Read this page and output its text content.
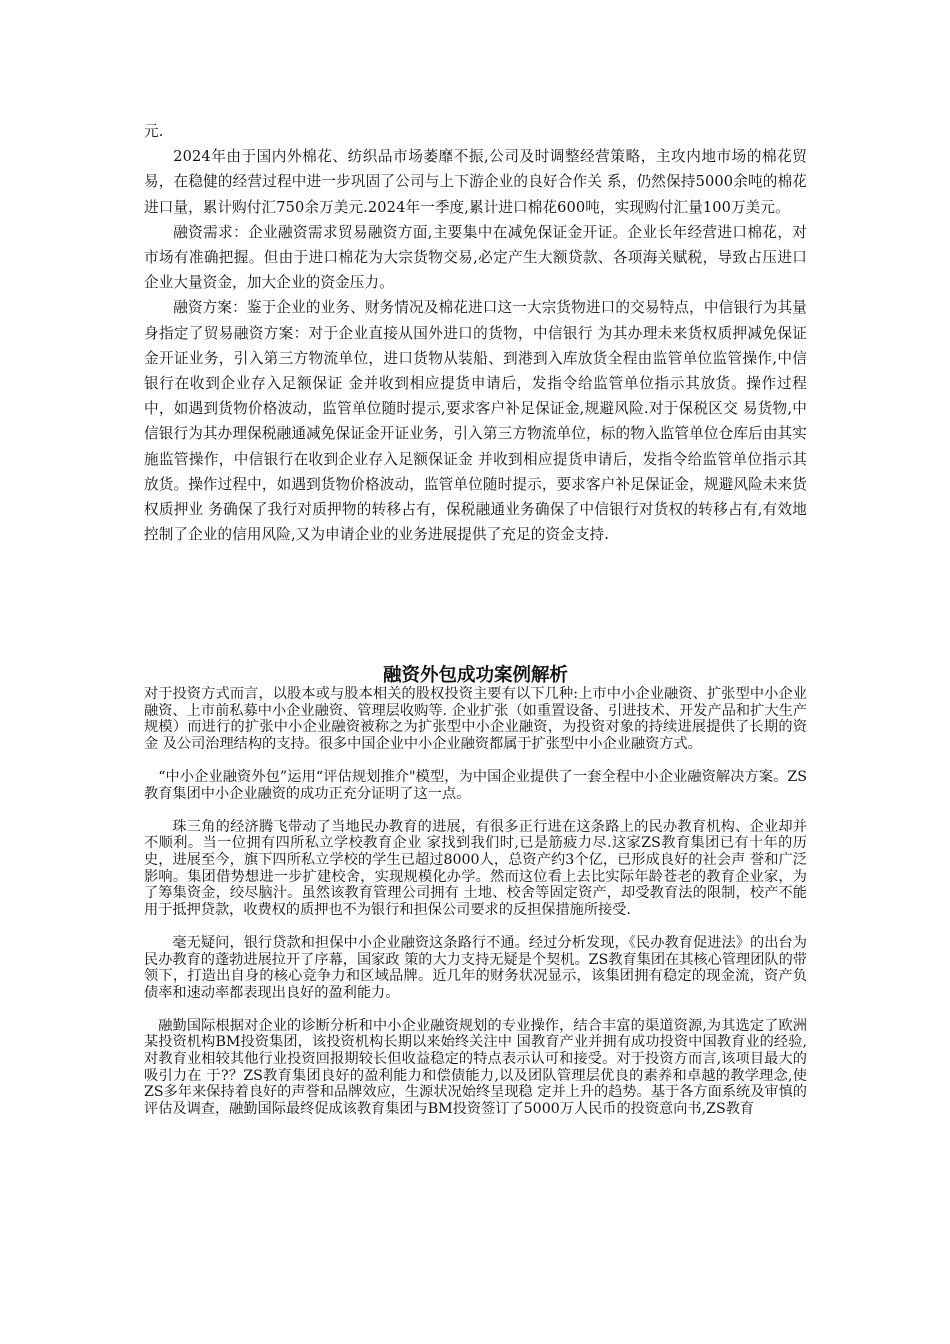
元.

2024年由于国内外棉花、纺织品市场萎靡不振,公司及时调整经营策略，主攻内地市场的棉花贸易，在稳健的经营过程中进一步巩固了公司与上下游企业的良好合作关 系，仍然保持5000余吨的棉花进口量，累计购付汇750余万美元.2024年一季度,累计进口棉花600吨，实现购付汇量100万美元。

融资需求：企业融资需求贸易融资方面,主要集中在减免保证金开证。企业长年经营进口棉花，对市场有准确把握。但由于进口棉花为大宗货物交易,必定产生大额贷款、各项海关赋税，导致占压进口企业大量资金，加大企业的资金压力。

融资方案：鉴于企业的业务、财务情况及棉花进口这一大宗货物进口的交易特点，中信银行为其量身指定了贸易融资方案：对于企业直接从国外进口的货物，中信银行 为其办理未来货权质押减免保证金开证业务，引入第三方物流单位，进口货物从装船、到港到入库放货全程由监管单位监管操作,中信银行在收到企业存入足额保证 金并收到相应提货申请后，发指令给监管单位指示其放货。操作过程中，如遇到货物价格波动，监管单位随时提示,要求客户补足保证金,规避风险.对于保税区交 易货物,中信银行为其办理保税融通减免保证金开证业务，引入第三方物流单位，标的物入监管单位仓库后由其实施监管操作，中信银行在收到企业存入足额保证金 并收到相应提货申请后，发指令给监管单位指示其放货。操作过程中，如遇到货物价格波动，监管单位随时提示，要求客户补足保证金，规避风险未来货权质押业 务确保了我行对质押物的转移占有，保税融通业务确保了中信银行对货权的转移占有,有效地控制了企业的信用风险,又为申请企业的业务进展提供了充足的资金支持.

融资外包成功案例解析

对于投资方式而言，以股本或与股本相关的股权投资主要有以下几种:上市中小企业融资、扩张型中小企业融资、上市前私募中小企业融资、管理层收购等. 企业扩张（如重置设备、引进技术、开发产品和扩大生产规模）而进行的扩张中小企业融资被称之为扩张型中小企业融资，为投资对象的持续进展提供了长期的资金 及公司治理结构的支持。很多中国企业中小企业融资都属于扩张型中小企业融资方式。

“中小企业融资外包”运用“评估规划推介"模型，为中国企业提供了一套全程中小企业融资解决方案。ZS教育集团中小企业融资的成功正充分证明了这一点。

珠三角的经济腾飞带动了当地民办教育的进展，有很多正行进在这条路上的民办教育机构、企业却并不顺利。当一位拥有四所私立学校教育企业 家找到我们时,已是筋疲力尽.这家ZS教育集团已有十年的历史，进展至今，旗下四所私立学校的学生已超过8000人，总资产约3个亿，已形成良好的社会声 誉和广泛影响。集团借势想进一步扩建校舍，实现规模化办学。然而这位看上去比实际年龄苍老的教育企业家，为了筹集资金，绞尽脑汁。虽然该教育管理公司拥有 土地、校舍等固定资产，却受教育法的限制，校产不能用于抵押贷款，收费权的质押也不为银行和担保公司要求的反担保措施所接受.

毫无疑问，银行贷款和担保中小企业融资这条路行不通。经过分析发现，《民办教育促进法》的出台为民办教育的蓬勃进展拉开了序幕，国家政 策的大力支持无疑是个契机。ZS教育集团在其核心管理团队的带领下，打造出自身的核心竞争力和区域品牌。近几年的财务状况显示，该集团拥有稳定的现金流，资产负债率和速动率都表现出良好的盈利能力。

融勤国际根据对企业的诊断分析和中小企业融资规划的专业操作，结合丰富的渠道资源,为其选定了欧洲某投资机构BM投资集团，该投资机构长期以来始终关注中 国教育产业并拥有成功投资中国教育业的经验,对教育业相较其他行业投资回报期较长但收益稳定的特点表示认可和接受。对于投资方而言,该项目最大的吸引力在 于?？ZS教育集团良好的盈利能力和偿债能力,以及团队管理层优良的素养和卓越的教学理念,使ZS多年来保持着良好的声誉和品牌效应，生源状况始终呈现稳 定并上升的趋势。基于各方面系统及审慎的评估及调查，融勤国际最终促成该教育集团与BM投资签订了5000万人民币的投资意向书,ZS教育
